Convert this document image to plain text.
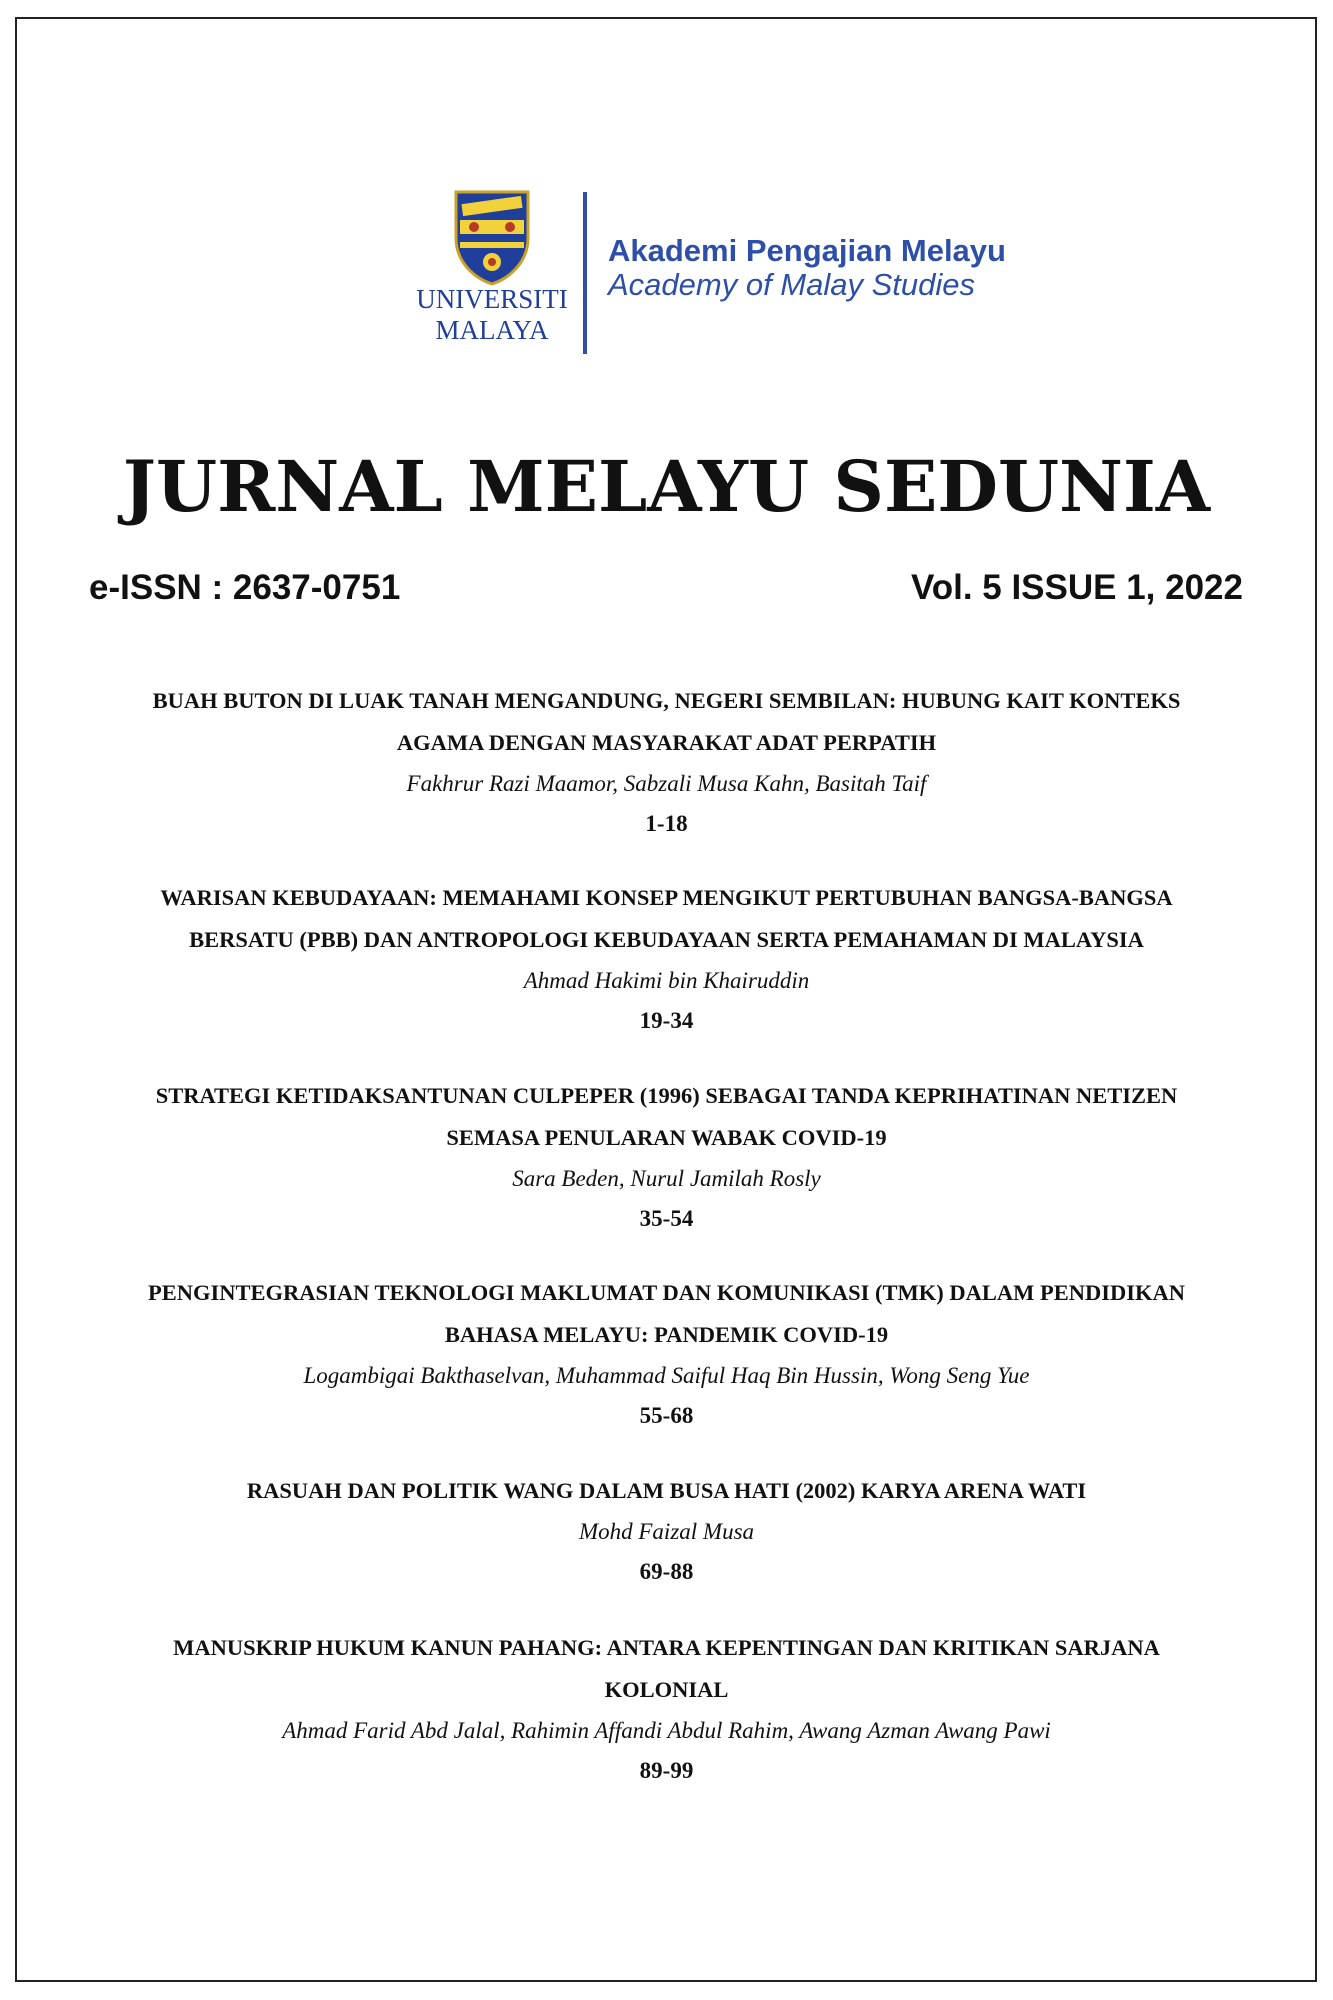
UNIVERSITI
MALAYA
Akademi Pengajian Melayu
Academy of Malay Studies
JURNAL MELAYU SEDUNIA
e-ISSN : 2637-0751	Vol. 5 ISSUE 1, 2022
BUAH BUTON DI LUAK TANAH MENGANDUNG, NEGERI SEMBILAN: HUBUNG KAIT KONTEKS
AGAMA DENGAN MASYARAKAT ADAT PERPATIH
Fakhrur Razi Maamor, Sabzali Musa Kahn, Basitah Taif
1-18
WARISAN KEBUDAYAAN: MEMAHAMI KONSEP MENGIKUT PERTUBUHAN BANGSA-BANGSA
BERSATU (PBB) DAN ANTROPOLOGI KEBUDAYAAN SERTA PEMAHAMAN DI MALAYSIA
Ahmad Hakimi bin Khairuddin
19-34
STRATEGI KETIDAKSANTUNAN CULPEPER (1996) SEBAGAI TANDA KEPRIHATINAN NETIZEN
SEMASA PENULARAN WABAK COVID-19
Sara Beden, Nurul Jamilah Rosly
35-54
PENGINTEGRASIAN TEKNOLOGI MAKLUMAT DAN KOMUNIKASI (TMK) DALAM PENDIDIKAN
BAHASA MELAYU: PANDEMIK COVID-19
Logambigai Bakthaselvan, Muhammad Saiful Haq Bin Hussin, Wong Seng Yue
55-68
RASUAH DAN POLITIK WANG DALAM BUSA HATI (2002) KARYA ARENA WATI
Mohd Faizal Musa
69-88
MANUSKRIP HUKUM KANUN PAHANG: ANTARA KEPENTINGAN DAN KRITIKAN SARJANA
KOLONIAL
Ahmad Farid Abd Jalal, Rahimin Affandi Abdul Rahim, Awang Azman Awang Pawi
89-99
